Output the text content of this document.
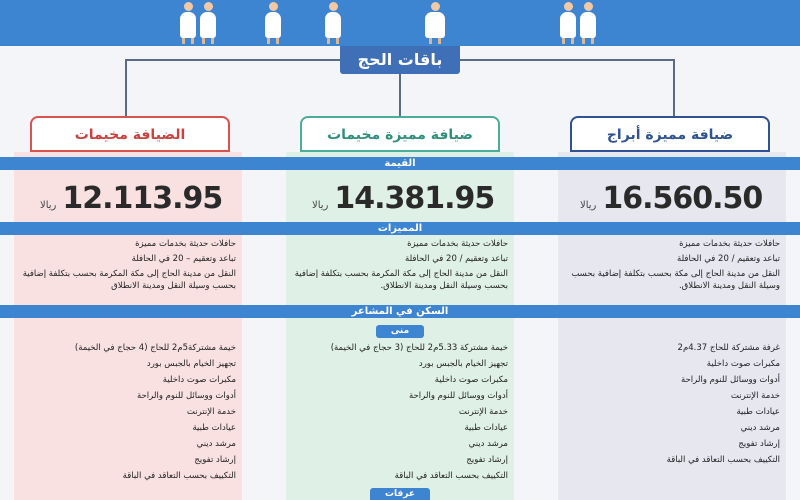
باقات الحج
ضيافة مميزة أبراج
ضيافة مميزة مخيمات
الضيافة مخيمات
القيمة
ريالا 16.560.50
ريالا 14.381.95
ريالا 12.113.95
المميزات
حافلات حديثة بخدمات مميزة
تباعد وتعقيم / 20 في الحافلة
النقل من مدينة الحاج إلى مكة بحسب بتكلفة إضافية بحسب وسيلة النقل ومدينة الانطلاق.
حافلات حديثة بخدمات مميزة
تباعد وتعقيم / 20 في الحافلة
النقل من مدينة الحاج إلى مكة المكرمة بحسب بتكلفة إضافية بحسب وسيلة النقل ومدينة الانطلاق.
حافلات حديثة بخدمات مميزة
تباعد وتعقيم – 20 في الحافلة
النقل من مدينة الحاج إلى مكة المكرمة بحسب بتكلفة إضافية بحسب وسيلة النقل ومدينة الانطلاق
السكن في المشاعر
منى
غرفة مشتركة للحاج 4.37م2
مكبرات صوت داخلية
أدوات ووسائل للنوم والراحة
خدمة الإنترنت
عيادات طبية
مرشد ديني
إرشاد تفويج
التكييف بحسب التعاقد في الباقة
خيمة مشتركة 5.33م2 للحاج (3 حجاج في الخيمة)
تجهيز الخيام بالجبس بورد
مكبرات صوت داخلية
أدوات ووسائل للنوم والراحة
خدمة الإنترنت
عيادات طبية
مرشد ديني
إرشاد تفويج
التكييف بحسب التعاقد في الباقة
خيمة مشتركة5م2 للحاج (4 حجاج في الخيمة)
تجهيز الخيام بالجبس بورد
مكبرات صوت داخلية
أدوات ووسائل للنوم والراحة
خدمة الإنترنت
عيادات طبية
مرشد ديني
إرشاد تفويج
التكييف بحسب التعاقد في الباقة
عرفات
